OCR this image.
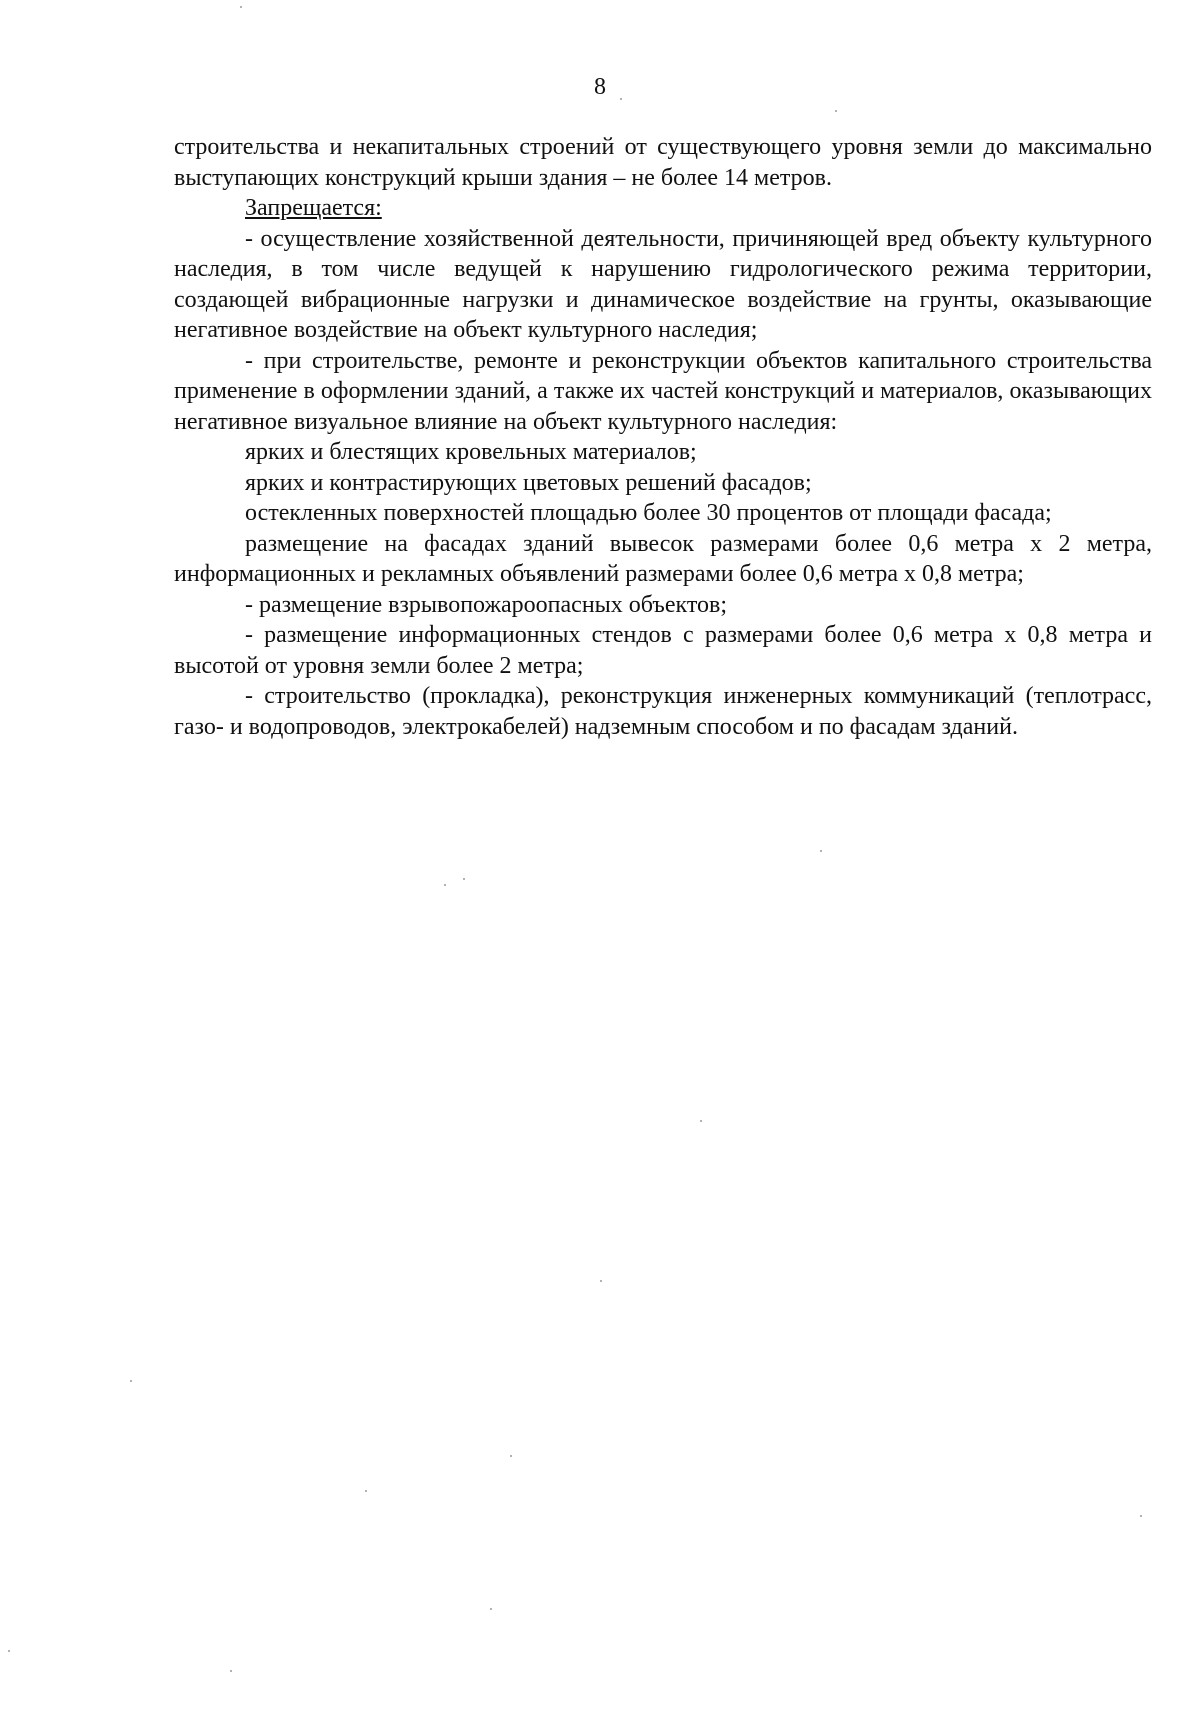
8

строительства и некапитальных строений от существующего уровня земли до максимально выступающих конструкций крыши здания – не более 14 метров.

Запрещается:

- осуществление хозяйственной деятельности, причиняющей вред объекту культурного наследия, в том числе ведущей к нарушению гидрологического режима территории, создающей вибрационные нагрузки и динамическое воздействие на грунты, оказывающие негативное воздействие на объект культурного наследия;

- при строительстве, ремонте и реконструкции объектов капитального строительства применение в оформлении зданий, а также их частей конструкций и материалов, оказывающих негативное визуальное влияние на объект культурного наследия:

ярких и блестящих кровельных материалов;

ярких и контрастирующих цветовых решений фасадов;

остекленных поверхностей площадью более 30 процентов от площади фасада;

размещение на фасадах зданий вывесок размерами более 0,6 метра x 2 метра, информационных и рекламных объявлений размерами более 0,6 метра x 0,8 метра;

- размещение взрывопожароопасных объектов;

- размещение информационных стендов с размерами более 0,6 метра x 0,8 метра и высотой от уровня земли более 2 метра;

- строительство (прокладка), реконструкция инженерных коммуникаций (теплотрасс, газо- и водопроводов, электрокабелей) надземным способом и по фасадам зданий.
